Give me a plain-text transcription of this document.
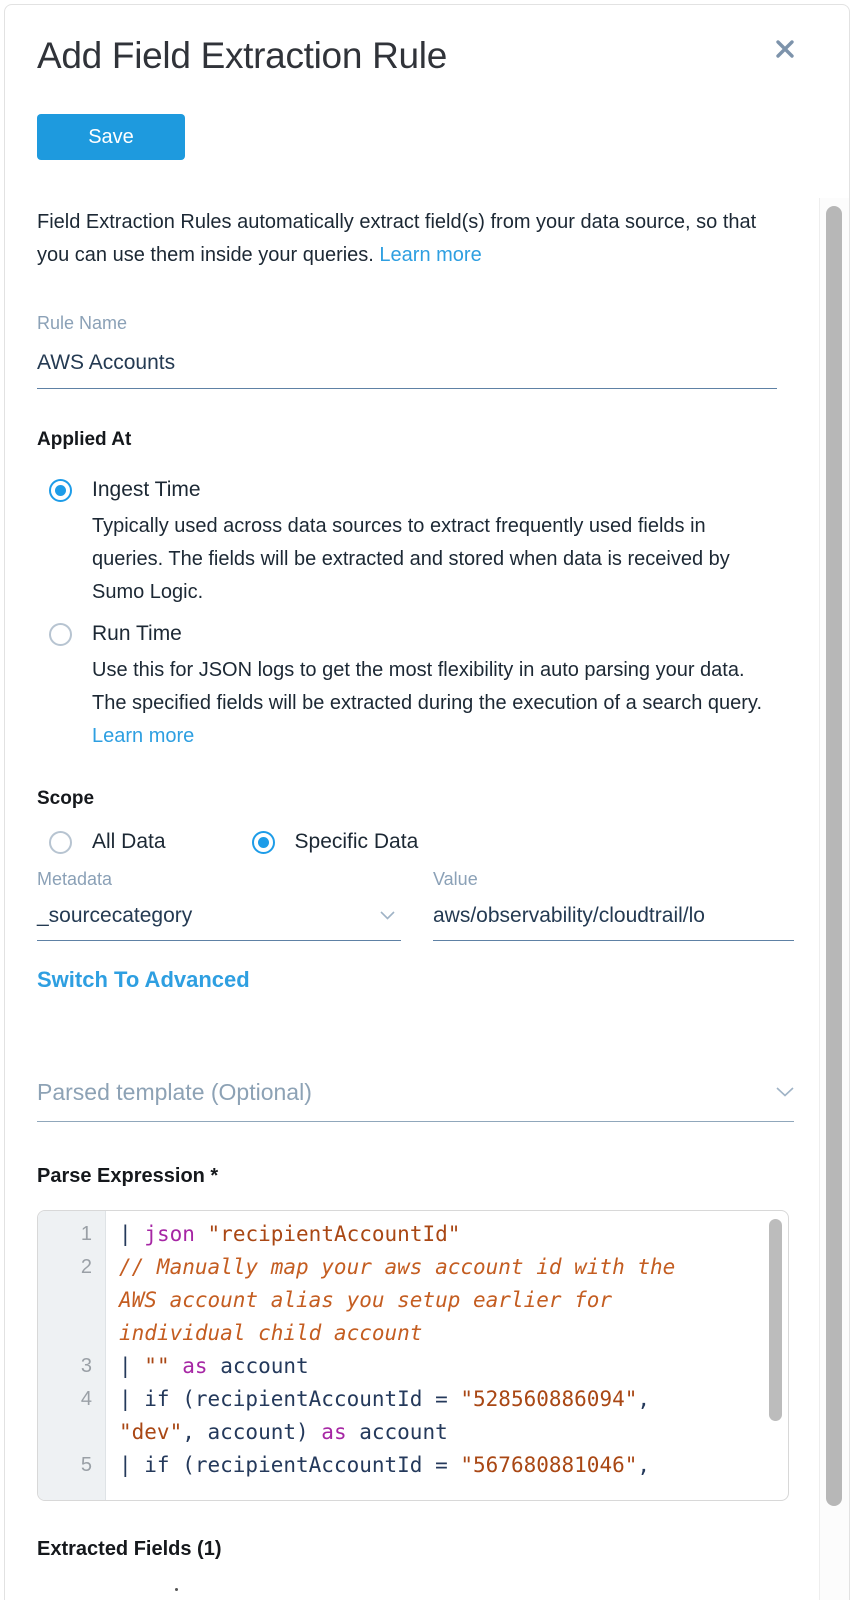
Add Field Extraction Rule
Save
Field Extraction Rules automatically extract field(s) from your data source, so that you can use them inside your queries. Learn more
Rule Name
AWS Accounts
Applied At
Ingest Time
Typically used across data sources to extract frequently used fields in queries. The fields will be extracted and stored when data is received by Sumo Logic.
Run Time
Use this for JSON logs to get the most flexibility in auto parsing your data. The specified fields will be extracted during the execution of a search query. Learn more
Scope
All Data	Specific Data
Metadata
_sourcecategory
Value
aws/observability/cloudtrail/lo
Switch To Advanced
Parsed template (Optional)
Parse Expression *
1	| json "recipientAccountId"
2	// Manually map your aws account id with the AWS account alias you setup earlier for individual child account
3	| "" as account
4	| if (recipientAccountId = "528560886094", "dev", account) as account
5	| if (recipientAccountId = "567680881046",
Extracted Fields (1)
